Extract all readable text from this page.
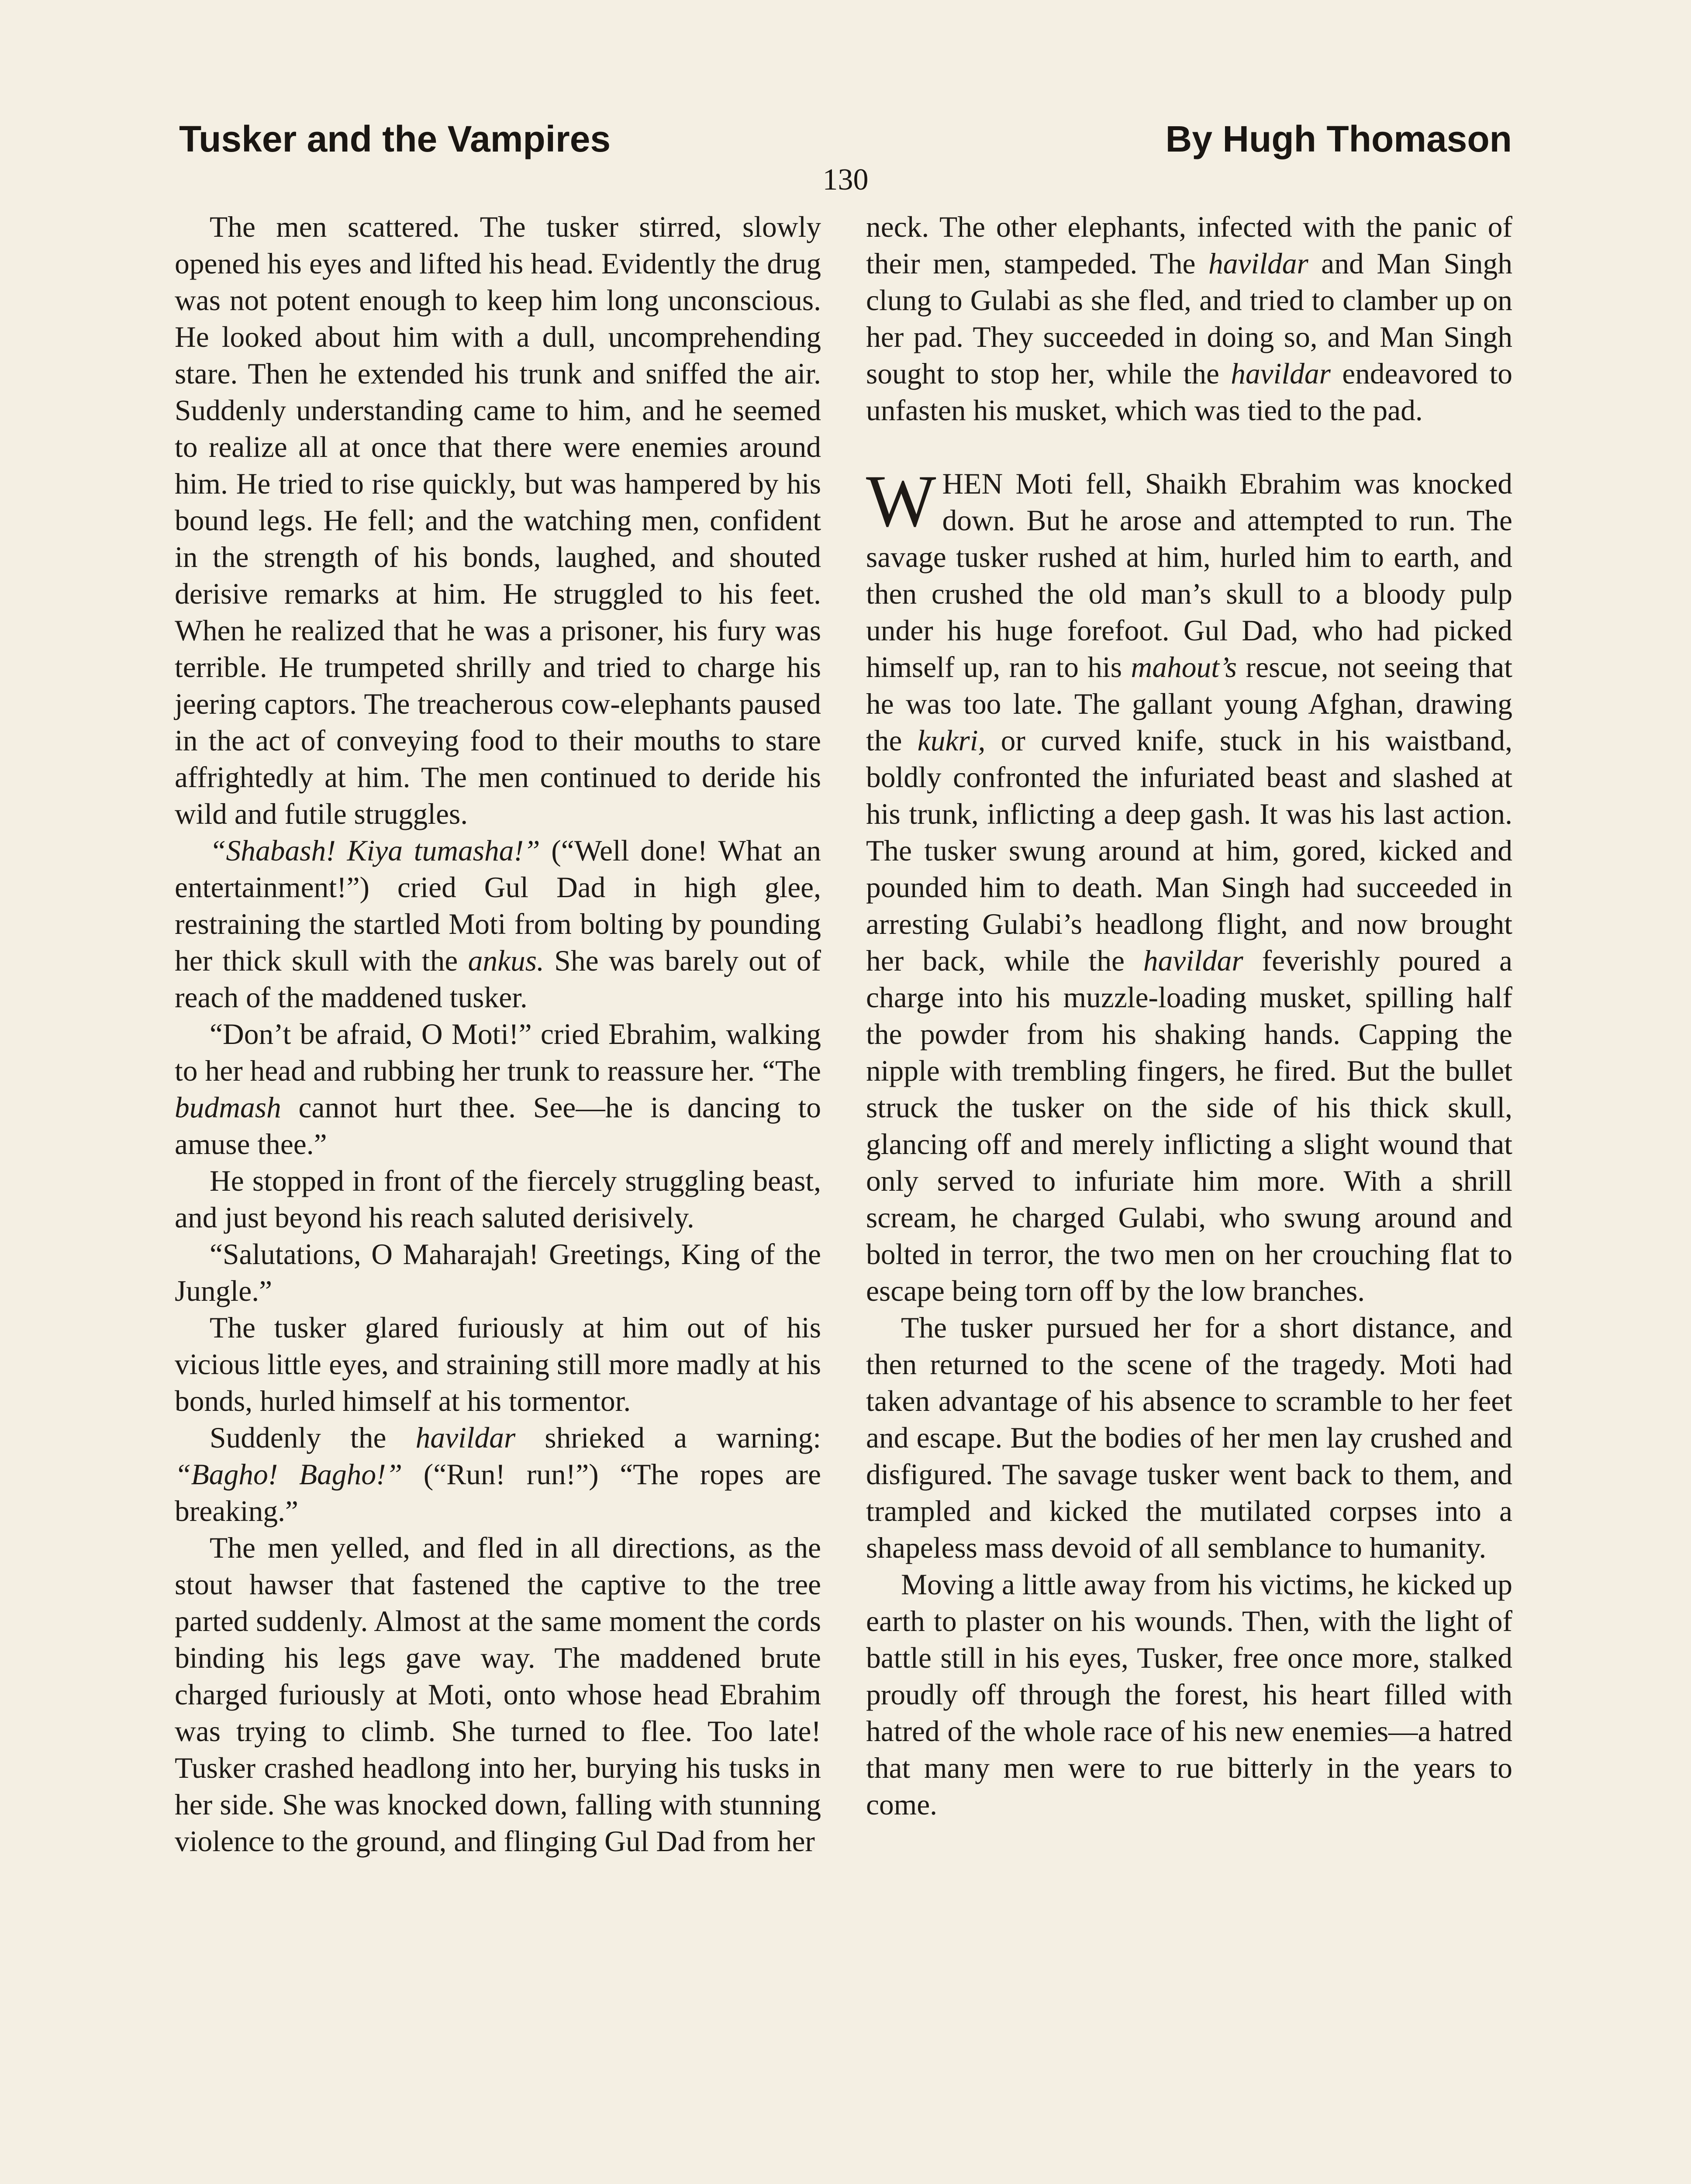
Tusker and the Vampires	By Hugh Thomason
130

The men scattered. The tusker stirred, slowly opened his eyes and lifted his head. Evidently the drug was not potent enough to keep him long unconscious. He looked about him with a dull, uncomprehending stare. Then he extended his trunk and sniffed the air. Suddenly understanding came to him, and he seemed to realize all at once that there were enemies around him. He tried to rise quickly, but was hampered by his bound legs. He fell; and the watching men, confident in the strength of his bonds, laughed, and shouted derisive remarks at him. He struggled to his feet. When he realized that he was a prisoner, his fury was terrible. He trumpeted shrilly and tried to charge his jeering captors. The treacherous cow-elephants paused in the act of conveying food to their mouths to stare affrightedly at him. The men continued to deride his wild and futile struggles.

“Shabash! Kiya tumasha!” (“Well done! What an entertainment!”) cried Gul Dad in high glee, restraining the startled Moti from bolting by pounding her thick skull with the ankus. She was barely out of reach of the maddened tusker.

“Don’t be afraid, O Moti!” cried Ebrahim, walking to her head and rubbing her trunk to reassure her. “The budmash cannot hurt thee. See—he is dancing to amuse thee.”

He stopped in front of the fiercely struggling beast, and just beyond his reach saluted derisively.

“Salutations, O Maharajah! Greetings, King of the Jungle.”

The tusker glared furiously at him out of his vicious little eyes, and straining still more madly at his bonds, hurled himself at his tormentor.

Suddenly the havildar shrieked a warning: “Bagho! Bagho!” (“Run! run!”) “The ropes are breaking.”

The men yelled, and fled in all directions, as the stout hawser that fastened the captive to the tree parted suddenly. Almost at the same moment the cords binding his legs gave way. The maddened brute charged furiously at Moti, onto whose head Ebrahim was trying to climb. She turned to flee. Too late! Tusker crashed headlong into her, burying his tusks in her side. She was knocked down, falling with stunning violence to the ground, and flinging Gul Dad from her

neck. The other elephants, infected with the panic of their men, stampeded. The havildar and Man Singh clung to Gulabi as she fled, and tried to clamber up on her pad. They succeeded in doing so, and Man Singh sought to stop her, while the havildar endeavored to unfasten his musket, which was tied to the pad.

WHEN Moti fell, Shaikh Ebrahim was knocked down. But he arose and attempted to run. The savage tusker rushed at him, hurled him to earth, and then crushed the old man’s skull to a bloody pulp under his huge forefoot. Gul Dad, who had picked himself up, ran to his mahout’s rescue, not seeing that he was too late. The gallant young Afghan, drawing the kukri, or curved knife, stuck in his waistband, boldly confronted the infuriated beast and slashed at his trunk, inflicting a deep gash. It was his last action. The tusker swung around at him, gored, kicked and pounded him to death. Man Singh had succeeded in arresting Gulabi’s headlong flight, and now brought her back, while the havildar feverishly poured a charge into his muzzle-loading musket, spilling half the powder from his shaking hands. Capping the nipple with trembling fingers, he fired. But the bullet struck the tusker on the side of his thick skull, glancing off and merely inflicting a slight wound that only served to infuriate him more. With a shrill scream, he charged Gulabi, who swung around and bolted in terror, the two men on her crouching flat to escape being torn off by the low branches.

The tusker pursued her for a short distance, and then returned to the scene of the tragedy. Moti had taken advantage of his absence to scramble to her feet and escape. But the bodies of her men lay crushed and disfigured. The savage tusker went back to them, and trampled and kicked the mutilated corpses into a shapeless mass devoid of all semblance to humanity.

Moving a little away from his victims, he kicked up earth to plaster on his wounds. Then, with the light of battle still in his eyes, Tusker, free once more, stalked proudly off through the forest, his heart filled with hatred of the whole race of his new enemies—a hatred that many men were to rue bitterly in the years to come.
